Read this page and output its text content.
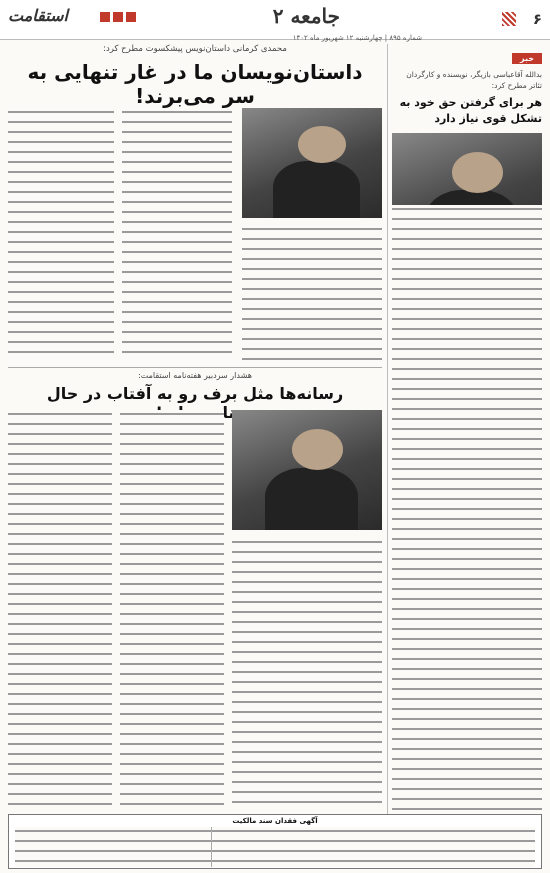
۶
جامعه ۲
شماره ۸۹۵ | چهارشنبه ۱۲ شهریور ماه ۱۴۰۲
استقامت
خبر
بدالله آقاعباسی بازیگر، نویسنده و کارگردان تئاتر مطرح کرد:
هر برای گرفتن حق خود به تشکل قوی نیاز دارد
محمدی کرمانی داستان‌نویس پیشکسوت مطرح کرد:
داستان‌نویسان ما در غار تنهایی به سر می‌برند!
هشدار سردبیر هفته‌نامه استقامت:
رسانه‌ها مثل برف رو به آفتاب در حال
آگهی فقدان سند مالکیت
